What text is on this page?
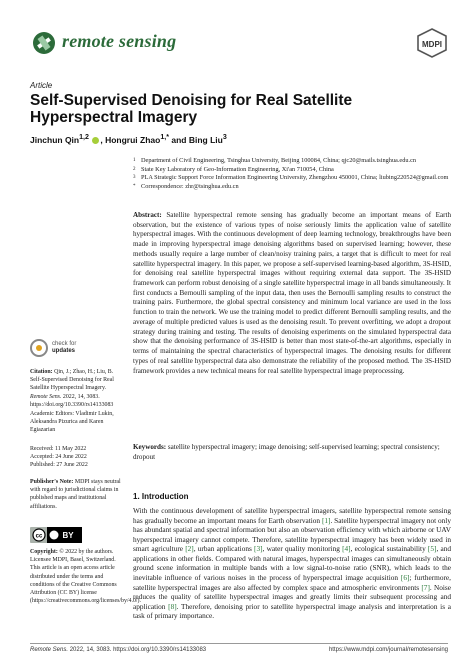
remote sensing	MDPI
Article
Self-Supervised Denoising for Real Satellite Hyperspectral Imagery
Jinchun Qin$^{1,2}$ , Hongrui Zhao$^{1,*}$ and Bing Liu$^3$
1 Department of Civil Engineering, Tsinghua University, Beijing 100084, China; qjc20@mails.tsinghua.edu.cn
2 State Key Laboratory of Geo-Information Engineering, Xi'an 710054, China
3 PLA Strategic Support Force Information Engineering University, Zhengzhou 450001, China; liubing220524@gmail.com
* Correspondence: zhr@tsinghua.edu.cn
Abstract: Satellite hyperspectral remote sensing has gradually become an important means of Earth observation, but the existence of various types of noise seriously limits the application value of satellite hyperspectral images. With the continuous development of deep learning technology, breakthroughs have been made in improving hyperspectral image denoising algorithms based on supervised learning; however, these methods usually require a large number of clean/noisy training pairs, a target that is difficult to meet for real satellite hyperspectral imagery. In this paper, we propose a self-supervised learning-based algorithm, 3S-HSID, for denoising real satellite hyperspectral images without requiring external data support. The 3S-HSID framework can perform robust denoising of a single satellite hyperspectral image in all bands simultaneously. It first conducts a Bernoulli sampling of the input data, then uses the Bernoulli sampling results to construct the training pairs. Furthermore, the global spectral consistency and minimum local variance are used in the loss function to train the network. We use the training model to predict different Bernoulli sampling results, and the average of multiple predicted values is used as the denoising result. To prevent overfitting, we adopt a dropout strategy during training and testing. The results of denoising experiments on the simulated hyperspectral data show that the denoising performance of 3S-HSID is better than most state-of-the-art algorithms, especially in terms of maintaining the spectral characteristics of hyperspectral images. The denoising results for different types of real satellite hyperspectral data also demonstrate the reliability of the proposed method. The 3S-HSID framework provides a new technical means for real satellite hyperspectral image preprocessing.
Keywords: satellite hyperspectral imagery; image denoising; self-supervised learning; spectral consistency; dropout
check for
updates
Citation: Qin, J.; Zhao, H.; Liu, B. Self-Supervised Denoising for Real Satellite Hyperspectral Imagery. Remote Sens. 2022, 14, 3083. https://doi.org/10.3390/rs14133083
Academic Editors: Vladimir Lukin, Aleksandra Pizurica and Karen Egiazarian
Received: 11 May 2022
Accepted: 24 June 2022
Published: 27 June 2022
Publisher's Note: MDPI stays neutral with regard to jurisdictional claims in published maps and institutional affiliations.
cc	BY
Copyright: © 2022 by the authors. Licensee MDPI, Basel, Switzerland. This article is an open access article distributed under the terms and conditions of the Creative Commons Attribution (CC BY) license (https://creativecommons.org/licenses/by/4.0/).
1. Introduction
With the continuous development of satellite hyperspectral imagers, satellite hyperspectral remote sensing has gradually become an important means for Earth observation [1]. Satellite hyperspectral imagery not only has abundant spatial and spectral information but also an observation efficiency with which airborne or UAV hyperspectral imagery cannot compete. Therefore, satellite hyperspectral imagery has been widely used in smart agriculture [2], urban applications [3], water quality monitoring [4], ecological sustainability [5], and applications in other fields. Compared with natural images, hyperspectral images can simultaneously obtain ground scene information in multiple bands with a low signal-to-noise ratio (SNR), which leads to the inevitable influence of various noises in the process of hyperspectral image acquisition [6]; furthermore, satellite hyperspectral images are also affected by complex space and atmospheric environments [7]. Noise reduces the quality of satellite hyperspectral images and greatly limits their subsequent processing and application [8]. Therefore, denoising prior to satellite hyperspectral image analysis and interpretation is a task of primary importance.
Remote Sens. 2022, 14, 3083. https://doi.org/10.3390/rs14133083	https://www.mdpi.com/journal/remotesensing
